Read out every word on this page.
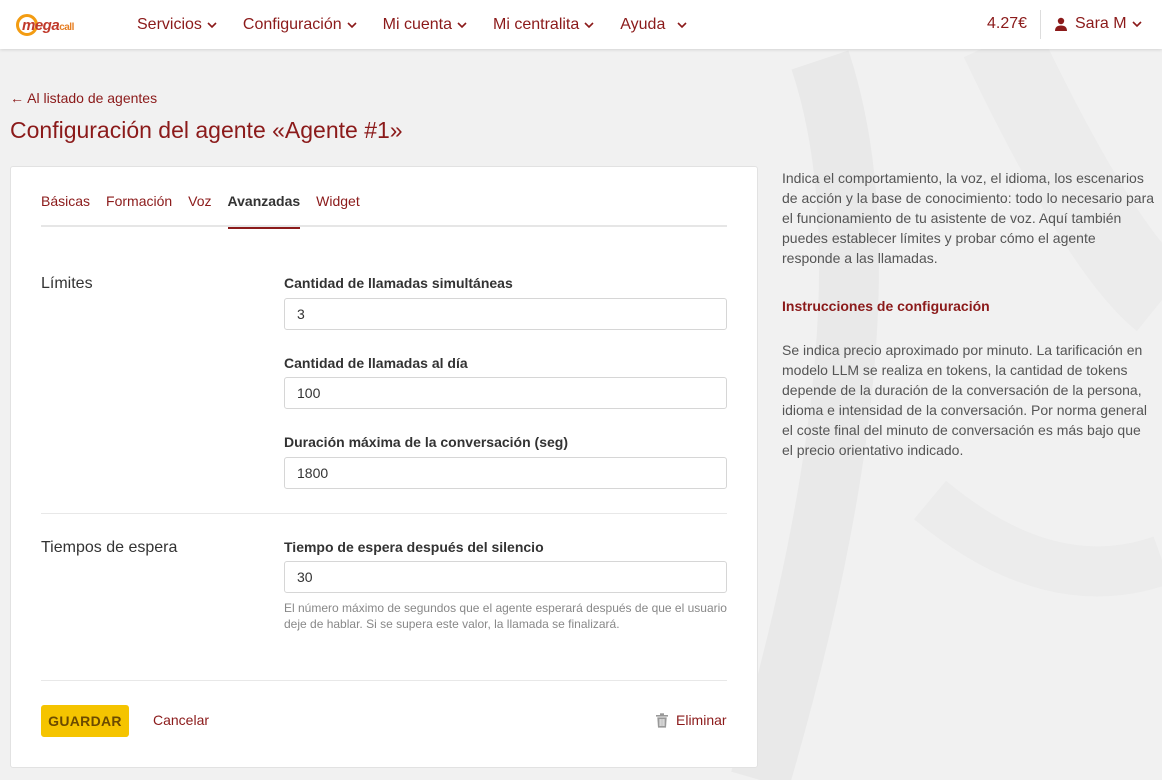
megacall	Servicios	Configuración	Mi cuenta	Mi centralita	Ayuda	4.27€	Sara M
← Al listado de agentes
Configuración del agente «Agente #1»
Básicas Formación Voz Avanzadas Widget
Límites	Cantidad de llamadas simultáneas
3
Cantidad de llamadas al día
100
Duración máxima de la conversación (seg)
1800
Tiempos de espera	Tiempo de espera después del silencio
30

El número máximo de segundos que el agente esperará después de que el usuario deje de hablar. Si se supera este valor, la llamada se finalizará.

GUARDAR	Cancelar	Eliminar

Indica el comportamiento, la voz, el idioma, los escenarios de acción y la base de conocimiento: todo lo necesario para el funcionamiento de tu asistente de voz. Aquí también puedes establecer límites y probar cómo el agente responde a las llamadas.

Instrucciones de configuración

Se indica precio aproximado por minuto. La tarificación en modelo LLM se realiza en tokens, la cantidad de tokens depende de la duración de la conversación de la persona, idioma e intensidad de la conversación. Por norma general el coste final del minuto de conversación es más bajo que el precio orientativo indicado.
